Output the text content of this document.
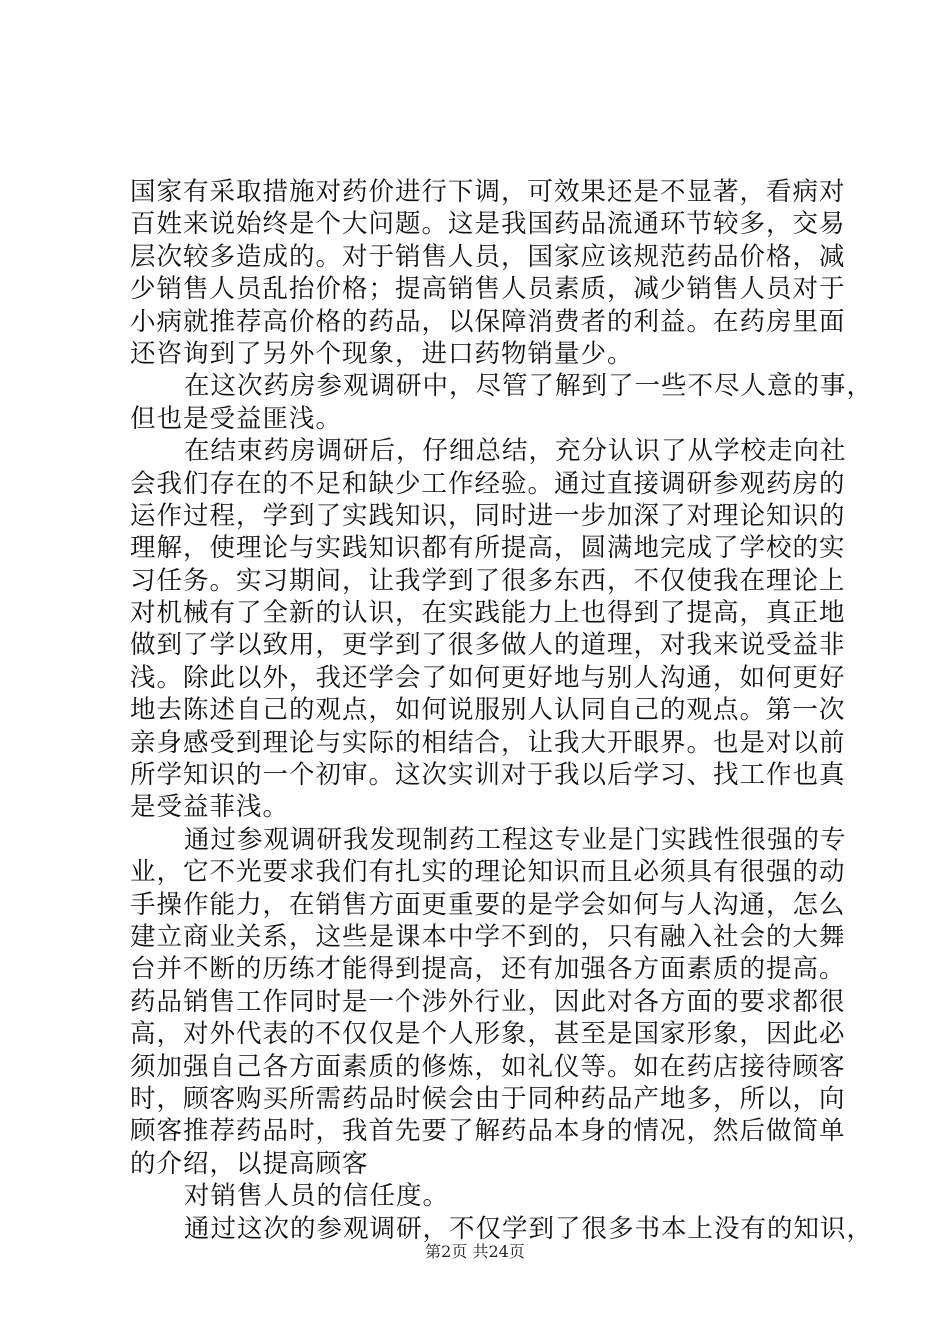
国家有采取措施对药价进行下调，可效果还是不显著，看病对
百姓来说始终是个大问题。这是我国药品流通环节较多，交易
层次较多造成的。对于销售人员，国家应该规范药品价格，减
少销售人员乱抬价格；提高销售人员素质，减少销售人员对于
小病就推荐高价格的药品，以保障消费者的利益。在药房里面
还咨询到了另外个现象，进口药物销量少。
在这次药房参观调研中，尽管了解到了一些不尽人意的事，
但也是受益匪浅。
在结束药房调研后，仔细总结，充分认识了从学校走向社
会我们存在的不足和缺少工作经验。通过直接调研参观药房的
运作过程，学到了实践知识，同时进一步加深了对理论知识的
理解，使理论与实践知识都有所提高，圆满地完成了学校的实
习任务。实习期间，让我学到了很多东西，不仅使我在理论上
对机械有了全新的认识，在实践能力上也得到了提高，真正地
做到了学以致用，更学到了很多做人的道理，对我来说受益非
浅。除此以外，我还学会了如何更好地与别人沟通，如何更好
地去陈述自己的观点，如何说服别人认同自己的观点。第一次
亲身感受到理论与实际的相结合，让我大开眼界。也是对以前
所学知识的一个初审。这次实训对于我以后学习、找工作也真
是受益菲浅。
通过参观调研我发现制药工程这专业是门实践性很强的专
业，它不光要求我们有扎实的理论知识而且必须具有很强的动
手操作能力，在销售方面更重要的是学会如何与人沟通，怎么
建立商业关系，这些是课本中学不到的，只有融入社会的大舞
台并不断的历练才能得到提高，还有加强各方面素质的提高。
药品销售工作同时是一个涉外行业，因此对各方面的要求都很
高，对外代表的不仅仅是个人形象，甚至是国家形象，因此必
须加强自己各方面素质的修炼，如礼仪等。如在药店接待顾客
时，顾客购买所需药品时候会由于同种药品产地多，所以，向
顾客推荐药品时，我首先要了解药品本身的情况，然后做简单
的介绍，以提高顾客
对销售人员的信任度。
通过这次的参观调研，不仅学到了很多书本上没有的知识，
第2页 共24页
